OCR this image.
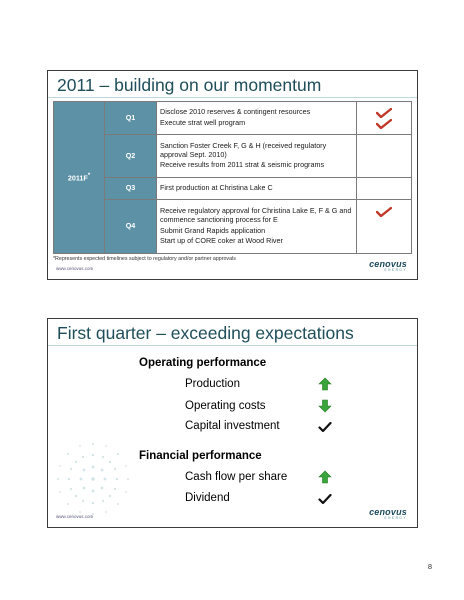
2011 – building on our momentum
2011F*	Q1	Disclose 2010 reserves & contingent resources
Execute strat well program

	Q2	Sanction Foster Creek F, G & H (received regulatory approval Sept. 2010)
Receive results from 2011 strat & seismic programs	

	Q3	First production at Christina Lake C	

	Q4	Receive regulatory approval for Christina Lake E, F & G and commence sanctioning process for E
Submit Grand Rapids application
Start up of CORE coker at Wood River

*Represents expected timelines subject to regulatory and/or partner approvals
www.cenovus.com	cenovus
ENERGY
First quarter – exceeding expectations
Operating performance
Production
Operating costs
Capital investment
Financial performance
Cash flow per share
Dividend
www.cenovus.com	cenovus
ENERGY
8
